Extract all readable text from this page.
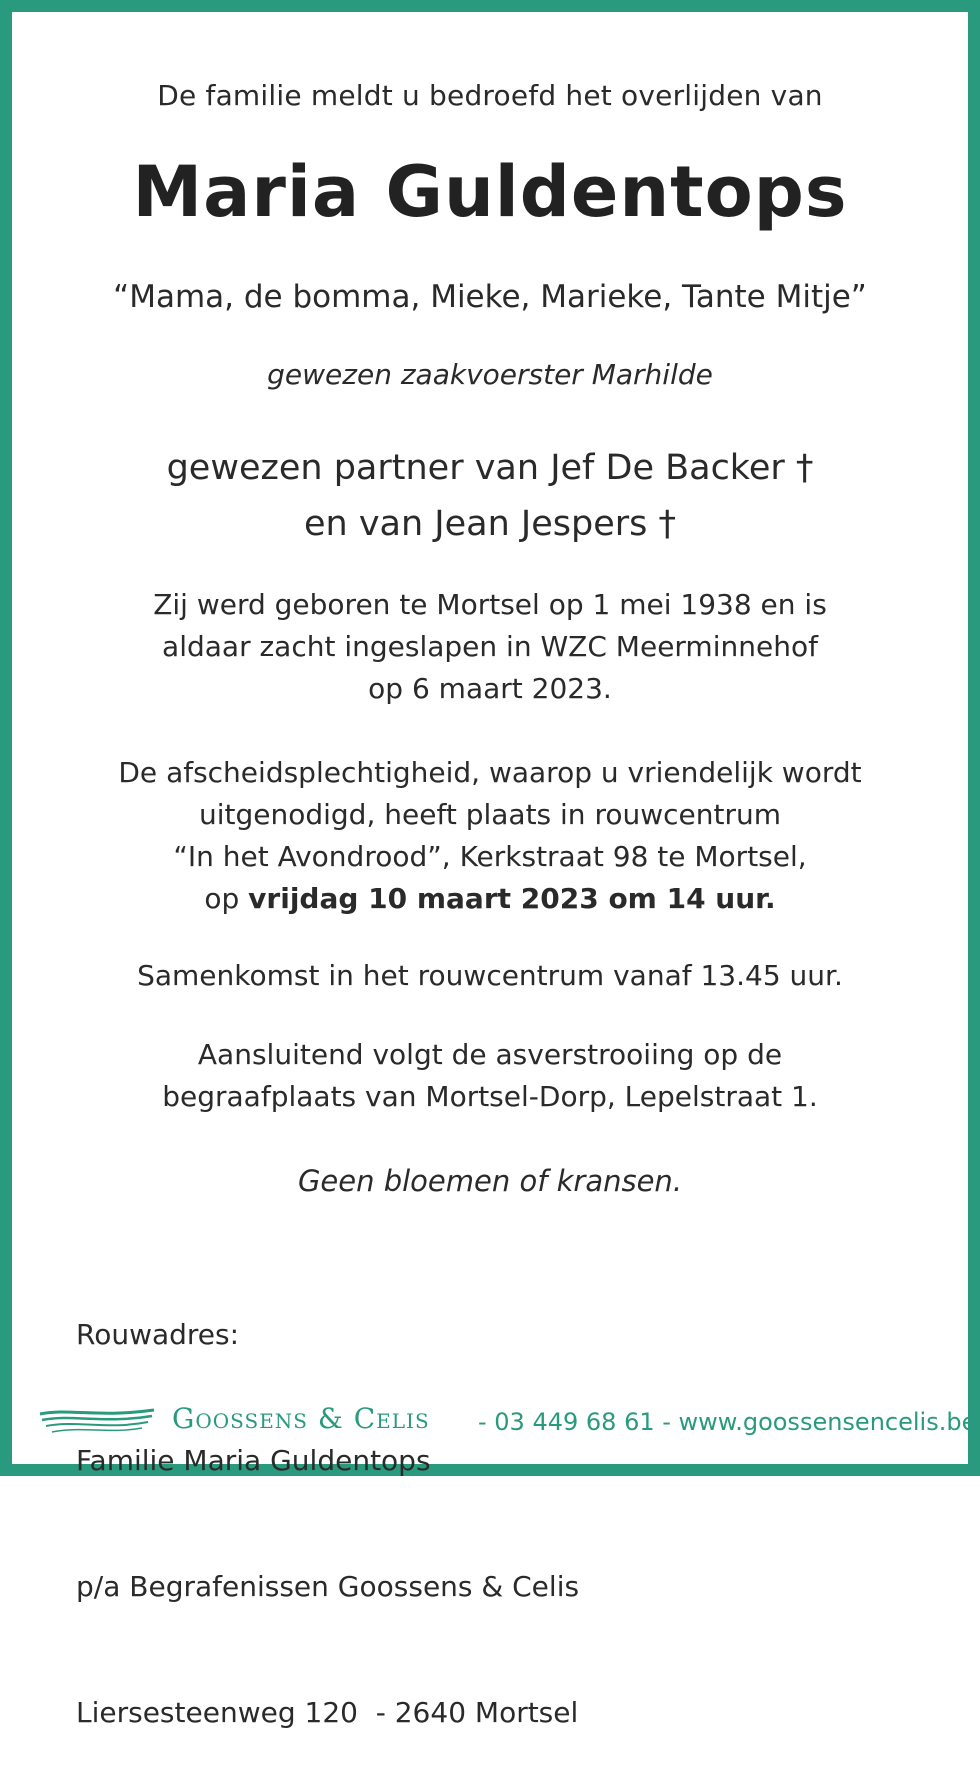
De familie meldt u bedroefd het overlijden van
Maria Guldentops
“Mama, de bomma, Mieke, Marieke, Tante Mitje”
gewezen zaakvoerster Marhilde
gewezen partner van Jef De Backer †
en van Jean Jespers †
Zij werd geboren te Mortsel op 1 mei 1938 en is
aldaar zacht ingeslapen in WZC Meerminnehof
op 6 maart 2023.
De afscheidsplechtigheid, waarop u vriendelijk wordt
uitgenodigd, heeft plaats in rouwcentrum
“In het Avondrood”, Kerkstraat 98 te Mortsel,
op vrijdag 10 maart 2023 om 14 uur.
Samenkomst in het rouwcentrum vanaf 13.45 uur.
Aansluitend volgt de asverstrooiing op de
begraafplaats van Mortsel-Dorp, Lepelstraat 1.
Geen bloemen of kransen.

Rouwadres:

Familie Maria Guldentops

p/a Begrafenissen Goossens & Celis

Liersesteenweg 120  - 2640 Mortsel

Goossens & Celis - 03 449 68 61 - www.goossensencelis.be
